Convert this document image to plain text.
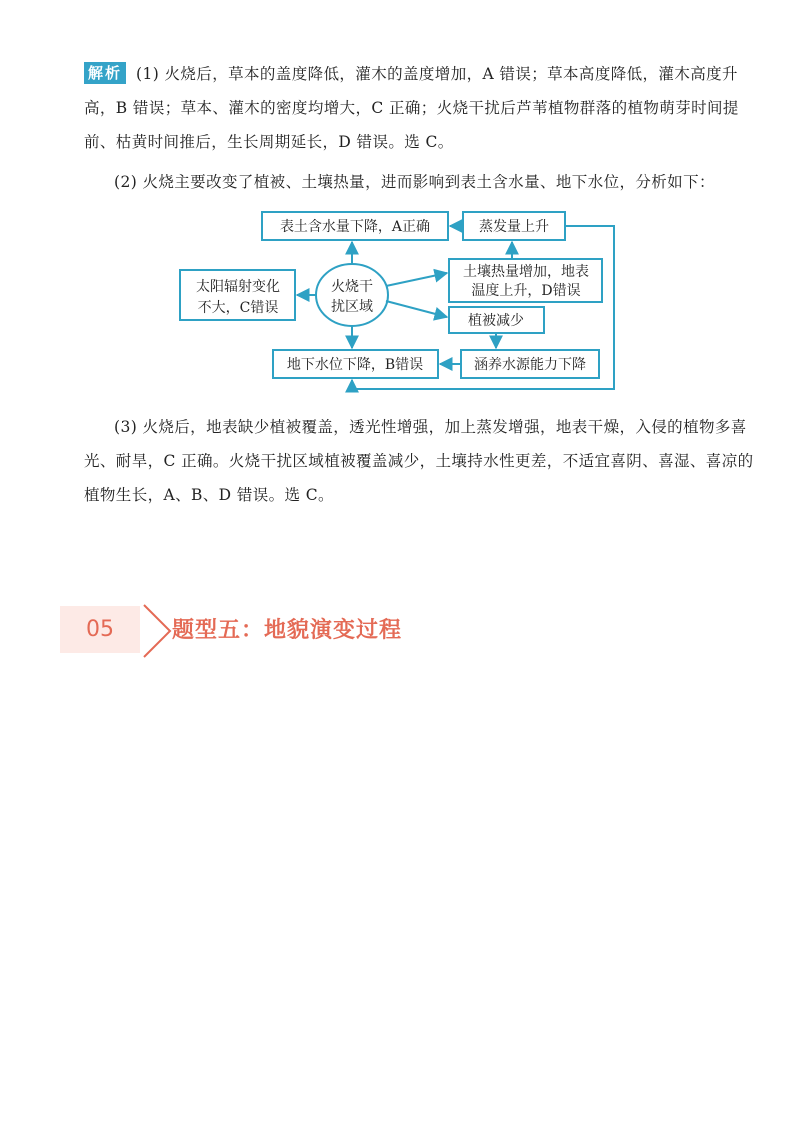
解析 (1) 火烧后，草本的盖度降低，灌木的盖度增加，A 错误；草本高度降低，灌木高度升高，B 错误；草本、灌木的密度均增大，C 正确；火烧干扰后芦苇植物群落的植物萌芽时间提前、枯黄时间推后，生长周期延长，D 错误。选 C。

(2) 火烧主要改变了植被、土壤热量，进而影响到表土含水量、地下水位，分析如下：

表土含水量下降，A正确	蒸发量上升
太阳辐射变化
不大，C错误
土壤热量增加，地表
温度上升，D错误
植被减少
地下水位下降，B错误	涵养水源能力下降
火烧干
扰区域

(3) 火烧后，地表缺少植被覆盖，透光性增强，加上蒸发增强，地表干燥，入侵的植物多喜光、耐旱，C 正确。火烧干扰区域植被覆盖减少，土壤持水性更差，不适宜喜阴、喜湿、喜凉的植物生长，A、B、D 错误。选 C。

05	题型五：地貌演变过程
